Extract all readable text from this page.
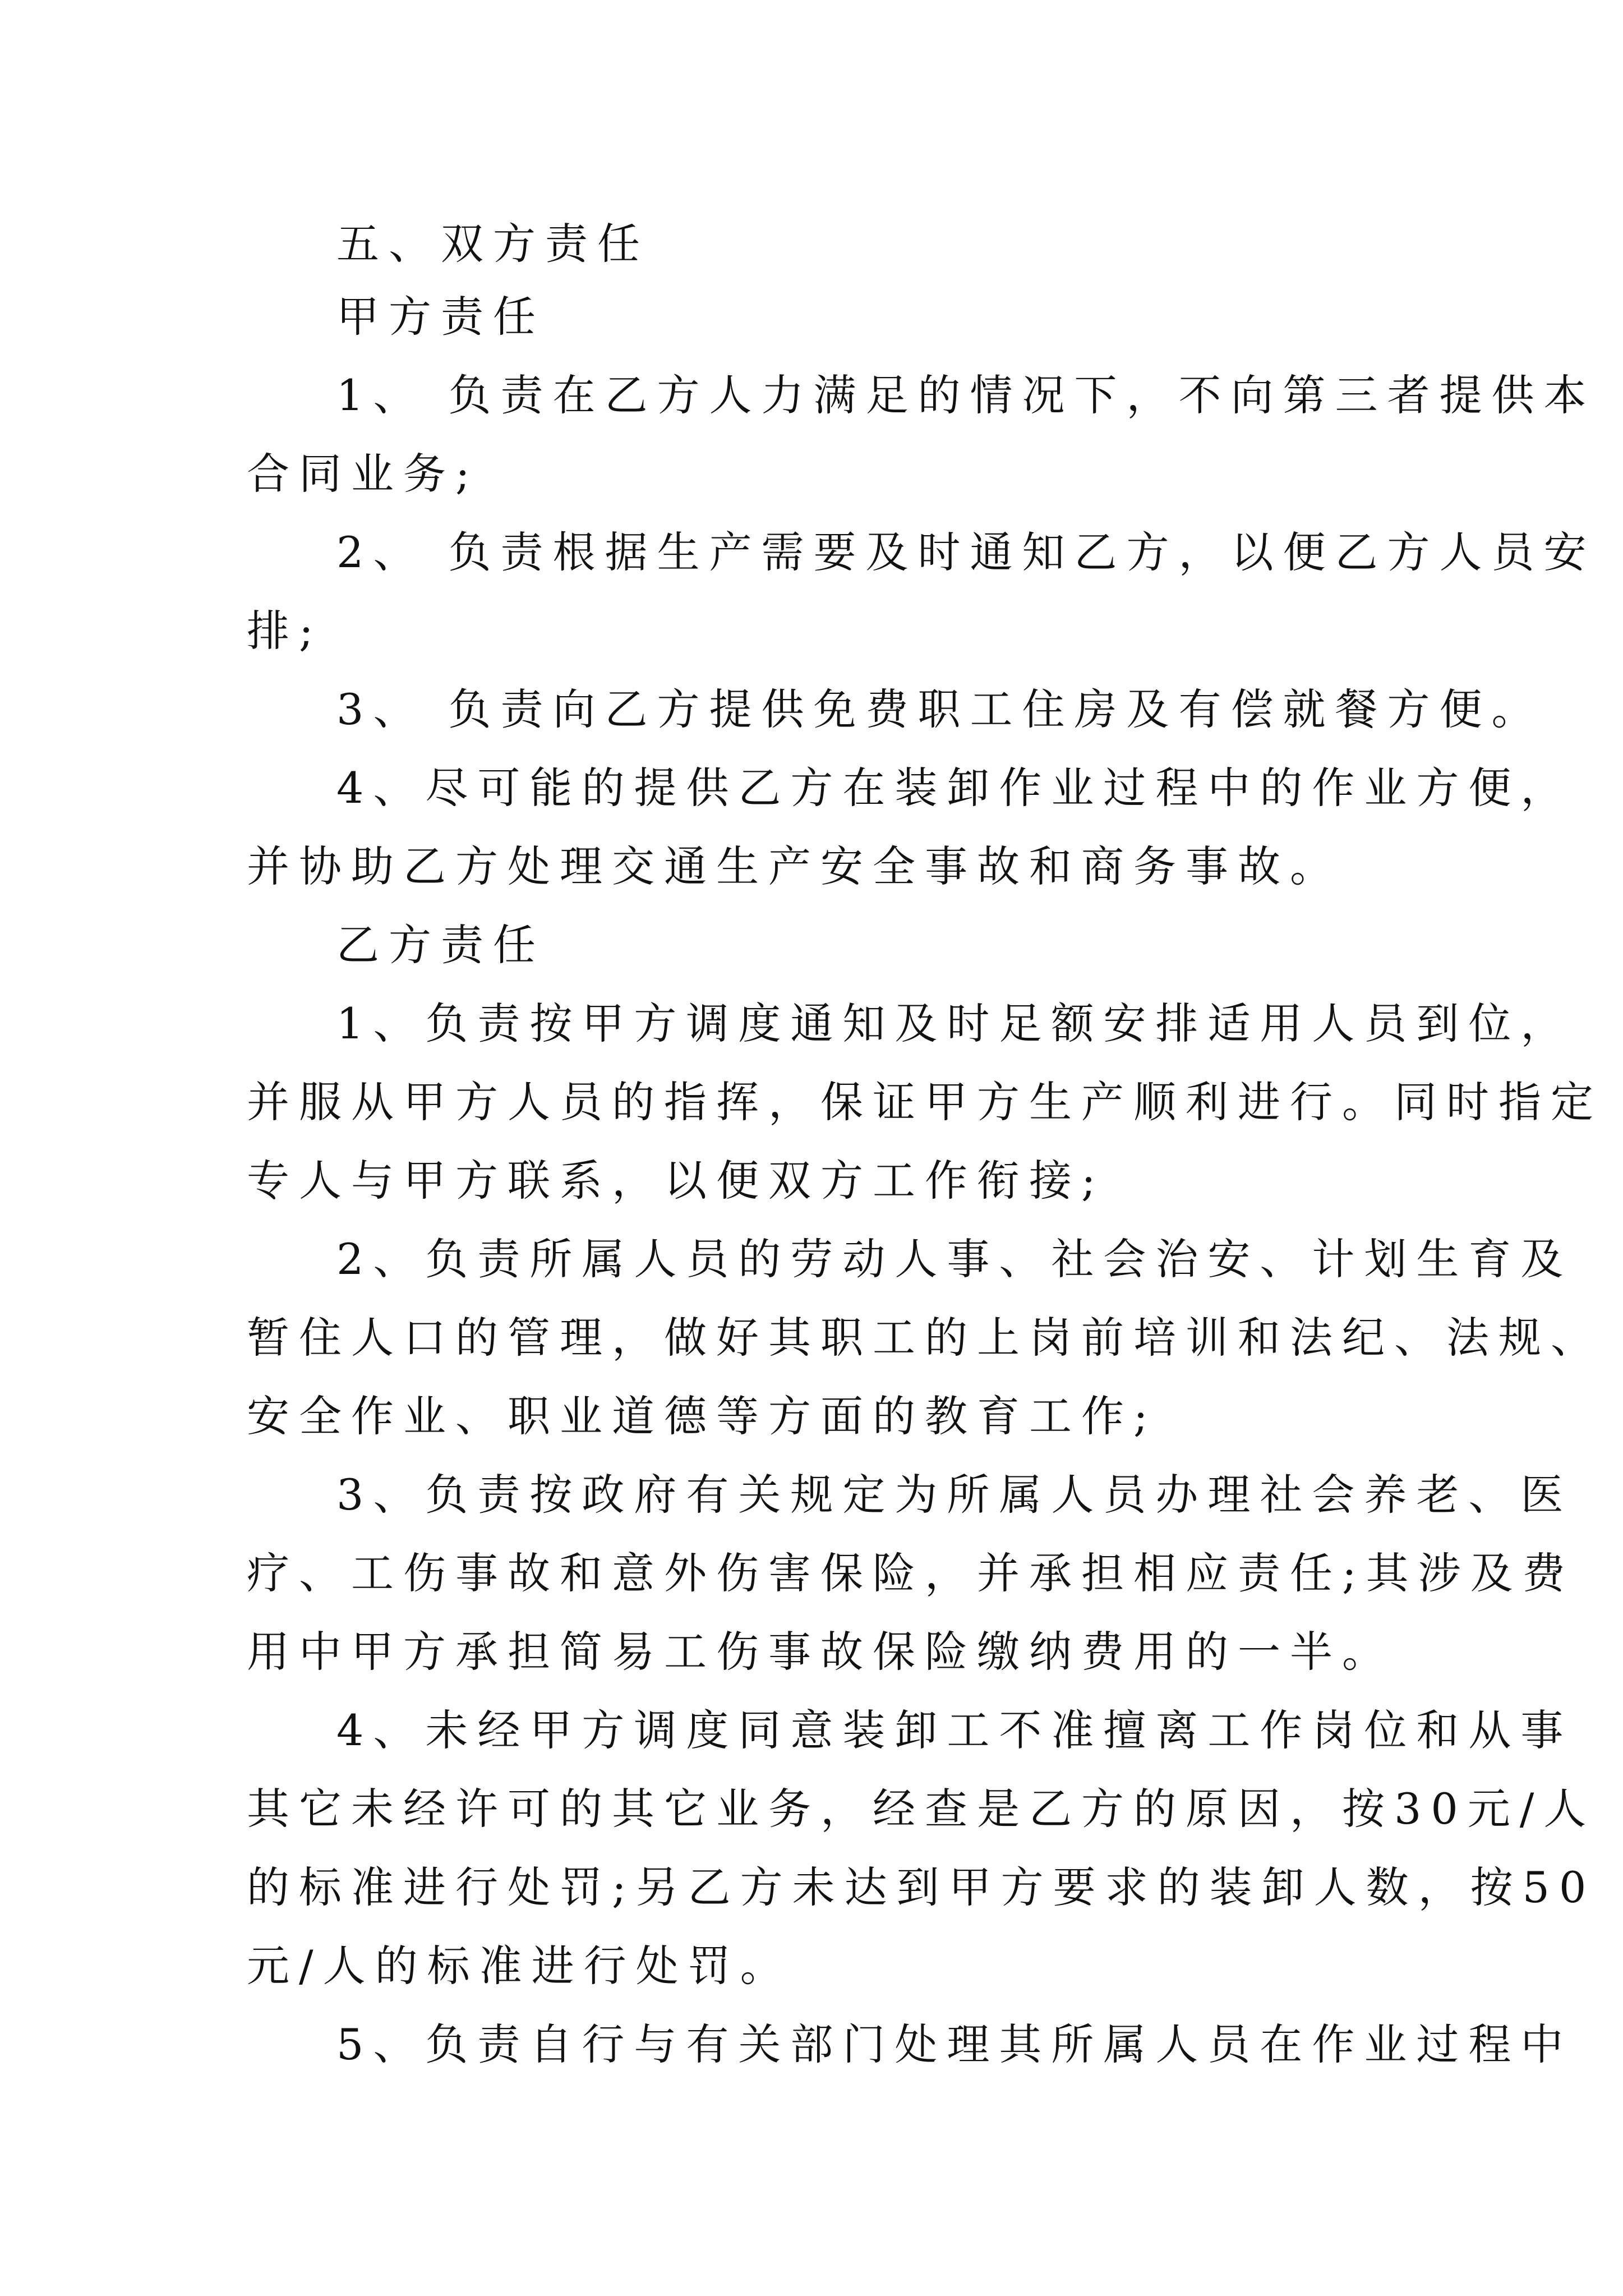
五、双方责任
甲方责任
1、 负责在乙方人力满足的情况下，不向第三者提供本
合同业务;
2、 负责根据生产需要及时通知乙方，以便乙方人员安
排;
3、 负责向乙方提供免费职工住房及有偿就餐方便。
4、尽可能的提供乙方在装卸作业过程中的作业方便，
并协助乙方处理交通生产安全事故和商务事故。
乙方责任
1、负责按甲方调度通知及时足额安排适用人员到位，
并服从甲方人员的指挥，保证甲方生产顺利进行。同时指定
专人与甲方联系，以便双方工作衔接;
2、负责所属人员的劳动人事、社会治安、计划生育及
暂住人口的管理，做好其职工的上岗前培训和法纪、法规、
安全作业、职业道德等方面的教育工作;
3、负责按政府有关规定为所属人员办理社会养老、医
疗、工伤事故和意外伤害保险，并承担相应责任;其涉及费
用中甲方承担简易工伤事故保险缴纳费用的一半。
4、未经甲方调度同意装卸工不准擅离工作岗位和从事
其它未经许可的其它业务，经查是乙方的原因，按30元/人
的标准进行处罚;另乙方未达到甲方要求的装卸人数，按50
元/人的标准进行处罚。
5、负责自行与有关部门处理其所属人员在作业过程中
